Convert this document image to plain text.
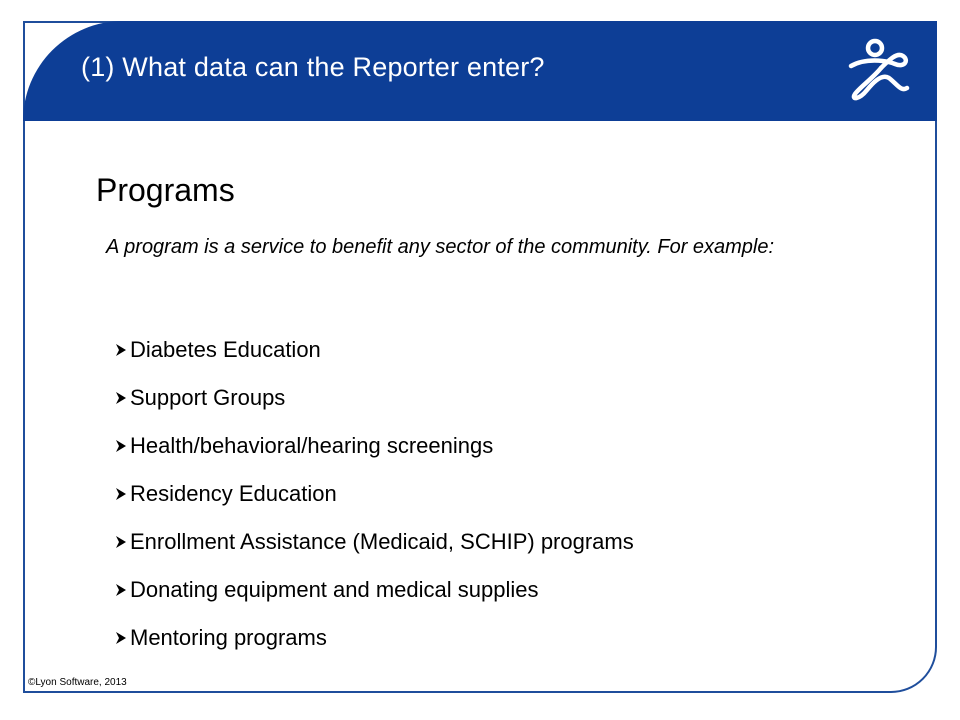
(1) What data can the Reporter enter?
Programs
A program is a service to benefit any sector of the community. For example:
Diabetes Education
Support Groups
Health/behavioral/hearing screenings
Residency Education
Enrollment Assistance (Medicaid, SCHIP) programs
Donating equipment and medical supplies
Mentoring programs
©Lyon Software, 2013
